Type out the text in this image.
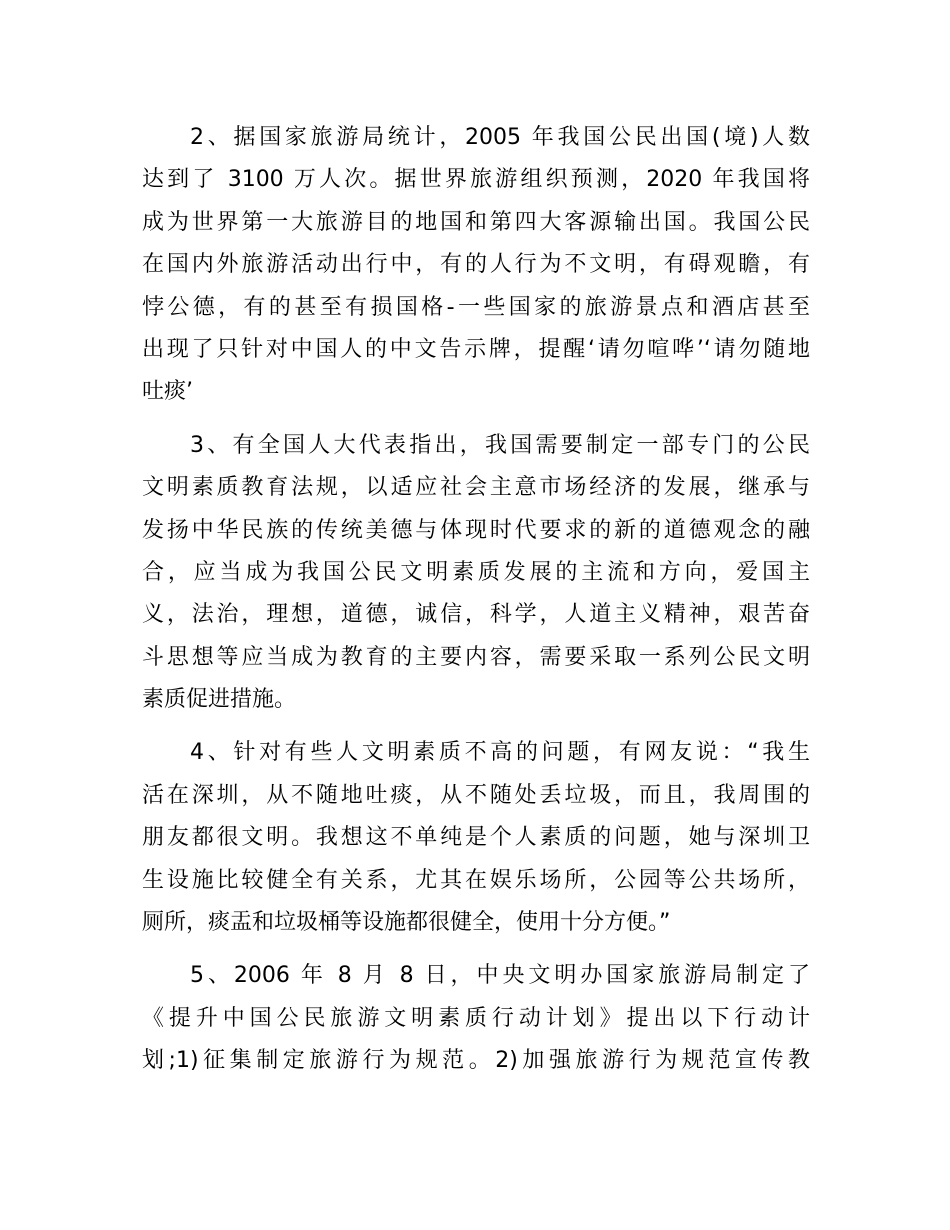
2、据国家旅游局统计，2005 年我国公民出国(境)人数
达到了 3100 万人次。据世界旅游组织预测，2020 年我国将
成为世界第一大旅游目的地国和第四大客源输出国。我国公民
在国内外旅游活动出行中，有的人行为不文明，有碍观瞻，有
悖公德，有的甚至有损国格-一些国家的旅游景点和酒店甚至
出现了只针对中国人的中文告示牌，提醒‘请勿喧哗’‘请勿随地
吐痰’
3、有全国人大代表指出，我国需要制定一部专门的公民
文明素质教育法规，以适应社会主意市场经济的发展，继承与
发扬中华民族的传统美德与体现时代要求的新的道德观念的融
合，应当成为我国公民文明素质发展的主流和方向，爱国主
义，法治，理想，道德，诚信，科学，人道主义精神，艰苦奋
斗思想等应当成为教育的主要内容，需要采取一系列公民文明
素质促进措施。
4、针对有些人文明素质不高的问题，有网友说：“我生
活在深圳，从不随地吐痰，从不随处丢垃圾，而且，我周围的
朋友都很文明。我想这不单纯是个人素质的问题，她与深圳卫
生设施比较健全有关系，尤其在娱乐场所，公园等公共场所，
厕所，痰盂和垃圾桶等设施都很健全，使用十分方便。”
5、2006 年 8 月 8 日，中央文明办国家旅游局制定了
《提升中国公民旅游文明素质行动计划》提出以下行动计
划;1)征集制定旅游行为规范。2)加强旅游行为规范宣传教
